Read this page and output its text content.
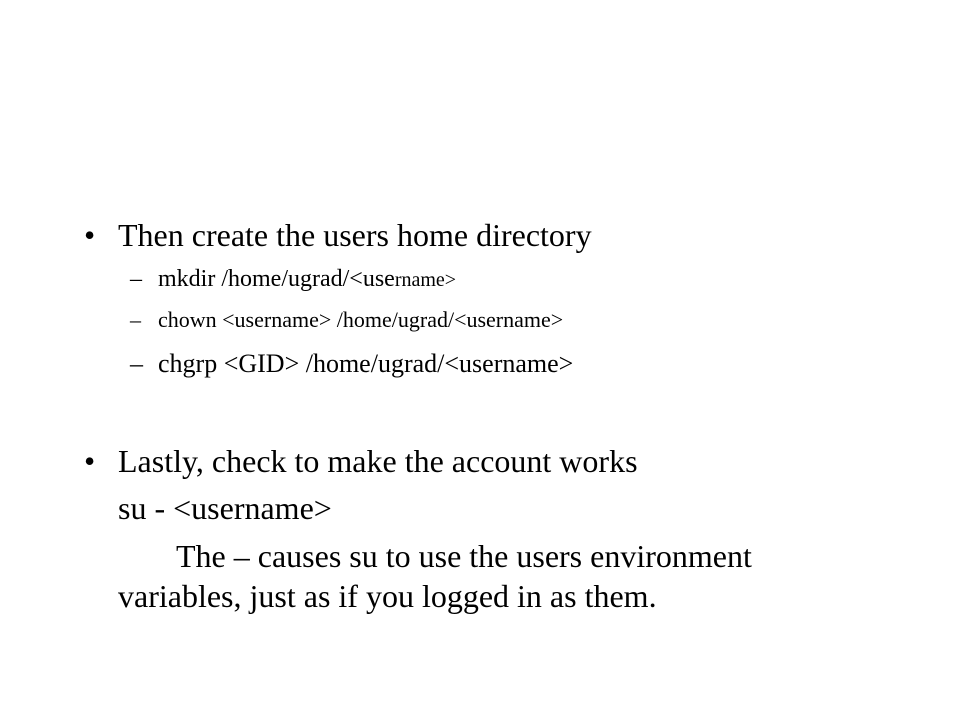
• Then create the users home directory
– mkdir /home/ugrad/<username>
– chown <username> /home/ugrad/<username>
– chgrp <GID> /home/ugrad/<username>
• Lastly, check to make the account works
su - <username>
The – causes su to use the users environment variables, just as if you logged in as them.
